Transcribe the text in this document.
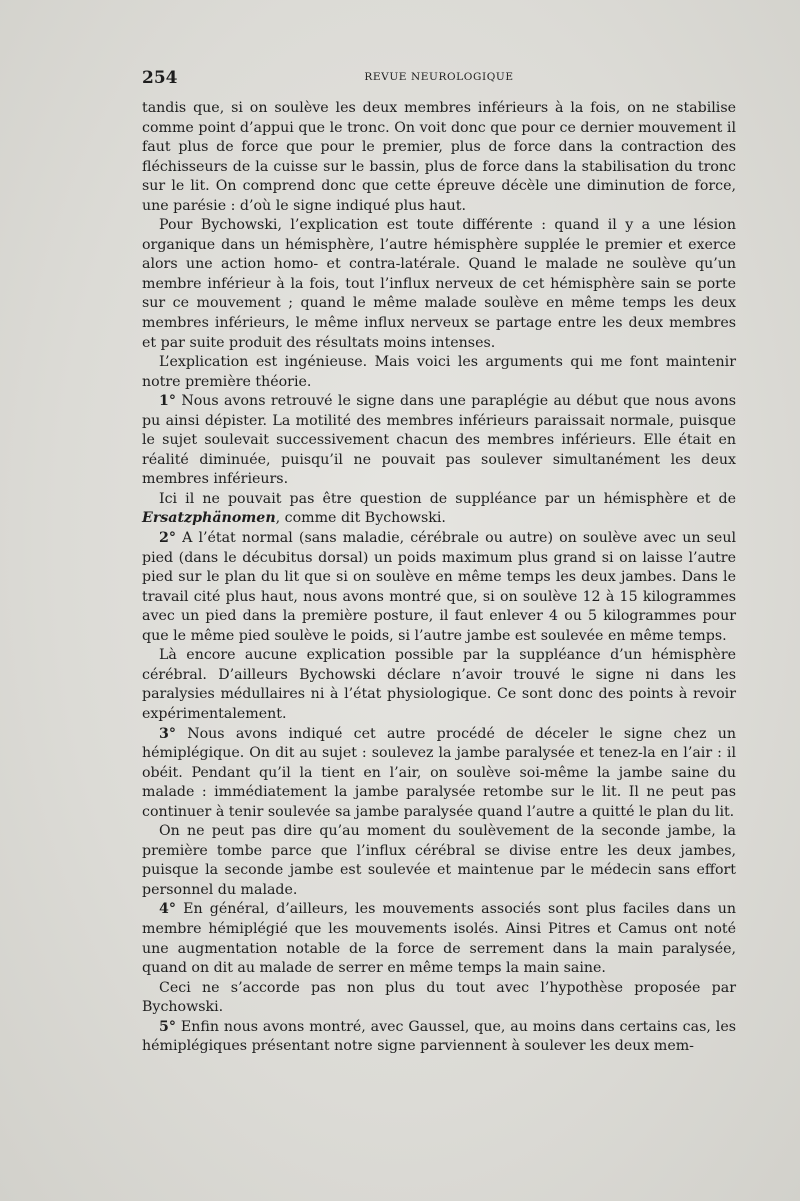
254	REVUE NEUROLOGIQUE

tandis que, si on soulève les deux membres inférieurs à la fois, on ne stabilise comme point d’appui que le tronc. On voit donc que pour ce dernier mouvement il faut plus de force que pour le premier, plus de force dans la contraction des fléchisseurs de la cuisse sur le bassin, plus de force dans la stabilisation du tronc sur le lit. On comprend donc que cette épreuve décèle une diminution de force, une parésie : d’où le signe indiqué plus haut.

Pour Bychowski, l’explication est toute différente : quand il y a une lésion organique dans un hémisphère, l’autre hémisphère supplée le premier et exerce alors une action homo- et contra-latérale. Quand le malade ne soulève qu’un membre inférieur à la fois, tout l’influx nerveux de cet hémisphère sain se porte sur ce mouvement ; quand le même malade soulève en même temps les deux membres inférieurs, le même influx nerveux se partage entre les deux membres et par suite produit des résultats moins intenses.

L’explication est ingénieuse. Mais voici les arguments qui me font maintenir notre première théorie.

1° Nous avons retrouvé le signe dans une paraplégie au début que nous avons pu ainsi dépister. La motilité des membres inférieurs paraissait normale, puisque le sujet soulevait successivement chacun des membres inférieurs. Elle était en réalité diminuée, puisqu’il ne pouvait pas soulever simultanément les deux membres inférieurs.

Ici il ne pouvait pas être question de suppléance par un hémisphère et de Ersatzphänomen, comme dit Bychowski.

2° A l’état normal (sans maladie, cérébrale ou autre) on soulève avec un seul pied (dans le décubitus dorsal) un poids maximum plus grand si on laisse l’autre pied sur le plan du lit que si on soulève en même temps les deux jambes. Dans le travail cité plus haut, nous avons montré que, si on soulève 12 à 15 kilogrammes avec un pied dans la première posture, il faut enlever 4 ou 5 kilogrammes pour que le même pied soulève le poids, si l’autre jambe est soulevée en même temps.

Là encore aucune explication possible par la suppléance d’un hémisphère cérébral. D’ailleurs Bychowski déclare n’avoir trouvé le signe ni dans les paralysies médullaires ni à l’état physiologique. Ce sont donc des points à revoir expérimentalement.

3° Nous avons indiqué cet autre procédé de déceler le signe chez un hémiplégique. On dit au sujet : soulevez la jambe paralysée et tenez-la en l’air : il obéit. Pendant qu’il la tient en l’air, on soulève soi-même la jambe saine du malade : immédiatement la jambe paralysée retombe sur le lit. Il ne peut pas continuer à tenir soulevée sa jambe paralysée quand l’autre a quitté le plan du lit.

On ne peut pas dire qu’au moment du soulèvement de la seconde jambe, la première tombe parce que l’influx cérébral se divise entre les deux jambes, puisque la seconde jambe est soulevée et maintenue par le médecin sans effort personnel du malade.

4° En général, d’ailleurs, les mouvements associés sont plus faciles dans un membre hémiplégié que les mouvements isolés. Ainsi Pitres et Camus ont noté une augmentation notable de la force de serrement dans la main paralysée, quand on dit au malade de serrer en même temps la main saine.

Ceci ne s’accorde pas non plus du tout avec l’hypothèse proposée par Bychowski.

5° Enfin nous avons montré, avec Gaussel, que, au moins dans certains cas, les hémiplégiques présentant notre signe parviennent à soulever les deux mem-
